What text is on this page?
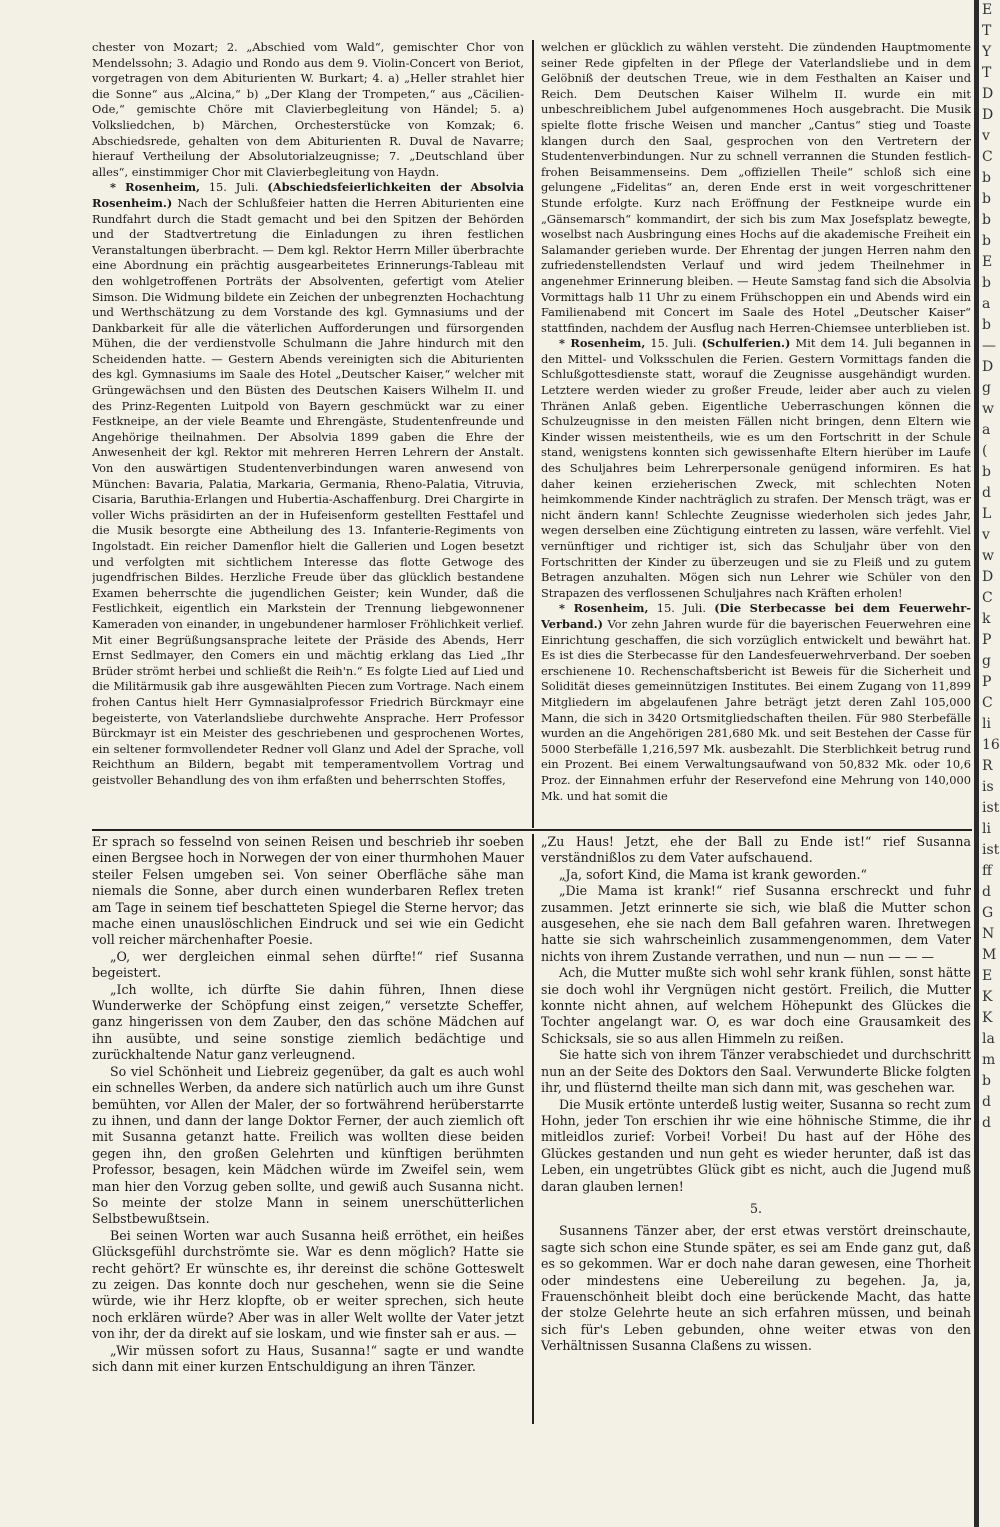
chester von Mozart; 2. „Abschied vom Wald“, gemischter Chor von Mendelssohn; 3. Adagio und Rondo aus dem 9. Violin-Concert von Beriot, vorgetragen von dem Abiturienten W. Burkart; 4. a) „Heller strahlet hier die Sonne“ aus „Alcina,“ b) „Der Klang der Trompeten,“ aus „Cäcilien-Ode,“ gemischte Chöre mit Clavierbegleitung von Händel; 5. a) Volksliedchen, b) Märchen, Orchesterstücke von Komzak; 6. Abschiedsrede, gehalten von dem Abiturienten R. Duval de Navarre; hierauf Vertheilung der Absolutorialzeugnisse; 7. „Deutschland über alles“, einstimmiger Chor mit Clavierbegleitung von Haydn.

* Rosenheim, 15. Juli. (Abschiedsfeierlichkeiten der Absolvia Rosenheim.) Nach der Schlußfeier hatten die Herren Abiturienten eine Rundfahrt durch die Stadt gemacht und bei den Spitzen der Behörden und der Stadtvertretung die Einladungen zu ihren festlichen Veranstaltungen überbracht. — Dem kgl. Rektor Herrn Miller überbrachte eine Abordnung ein prächtig ausgearbeitetes Erinnerungs-Tableau mit den wohlgetroffenen Porträts der Absolventen, gefertigt vom Atelier Simson. Die Widmung bildete ein Zeichen der unbegrenzten Hochachtung und Werthschätzung zu dem Vorstande des kgl. Gymnasiums und der Dankbarkeit für alle die väterlichen Aufforderungen und fürsorgenden Mühen, die der verdienstvolle Schulmann die Jahre hindurch mit den Scheidenden hatte. — Gestern Abends vereinigten sich die Abiturienten des kgl. Gymnasiums im Saale des Hotel „Deutscher Kaiser,“ welcher mit Grüngewächsen und den Büsten des Deutschen Kaisers Wilhelm II. und des Prinz-Regenten Luitpold von Bayern geschmückt war zu einer Festkneipe, an der viele Beamte und Ehrengäste, Studentenfreunde und Angehörige theilnahmen. Der Absolvia 1899 gaben die Ehre der Anwesenheit der kgl. Rektor mit mehreren Herren Lehrern der Anstalt. Von den auswärtigen Studentenverbindungen waren anwesend von München: Bavaria, Palatia, Markaria, Germania, Rheno-Palatia, Vitruvia, Cisaria, Baruthia-Erlangen und Hubertia-Aschaffenburg. Drei Chargirte in voller Wichs präsidirten an der in Hufeisenform gestellten Festtafel und die Musik besorgte eine Abtheilung des 13. Infanterie-Regiments von Ingolstadt. Ein reicher Damenflor hielt die Gallerien und Logen besetzt und verfolgten mit sichtlichem Interesse das flotte Getwoge des jugendfrischen Bildes. Herzliche Freude über das glücklich bestandene Examen beherrschte die jugendlichen Geister; kein Wunder, daß die Festlichkeit, eigentlich ein Markstein der Trennung liebgewonnener Kameraden von einander, in ungebundener harmloser Fröhlichkeit verlief. Mit einer Begrüßungsansprache leitete der Präside des Abends, Herr Ernst Sedlmayer, den Comers ein und mächtig erklang das Lied „Ihr Brüder strömt herbei und schließt die Reih'n.“ Es folgte Lied auf Lied und die Militärmusik gab ihre ausgewählten Piecen zum Vortrage. Nach einem frohen Cantus hielt Herr Gymnasialprofessor Friedrich Bürckmayr eine begeisterte, von Vaterlandsliebe durchwehte Ansprache. Herr Professor Bürckmayr ist ein Meister des geschriebenen und gesprochenen Wortes, ein seltener formvollendeter Redner voll Glanz und Adel der Sprache, voll Reichthum an Bildern, begabt mit temperamentvollem Vortrag und geistvoller Behandlung des von ihm erfaßten und beherrschten Stoffes,

welchen er glücklich zu wählen versteht. Die zündenden Hauptmomente seiner Rede gipfelten in der Pflege der Vaterlandsliebe und in dem Gelöbniß der deutschen Treue, wie in dem Festhalten an Kaiser und Reich. Dem Deutschen Kaiser Wilhelm II. wurde ein mit unbeschreiblichem Jubel aufgenommenes Hoch ausgebracht. Die Musik spielte flotte frische Weisen und mancher „Cantus“ stieg und Toaste klangen durch den Saal, gesprochen von den Vertretern der Studentenverbindungen. Nur zu schnell verrannen die Stunden festlich-frohen Beisammenseins. Dem „offiziellen Theile“ schloß sich eine gelungene „Fidelitas“ an, deren Ende erst in weit vorgeschrittener Stunde erfolgte. Kurz nach Eröffnung der Festkneipe wurde ein „Gänsemarsch“ kommandirt, der sich bis zum Max Josefsplatz bewegte, woselbst nach Ausbringung eines Hochs auf die akademische Freiheit ein Salamander gerieben wurde. Der Ehrentag der jungen Herren nahm den zufriedenstellendsten Verlauf und wird jedem Theilnehmer in angenehmer Erinnerung bleiben. — Heute Samstag fand sich die Absolvia Vormittags halb 11 Uhr zu einem Frühschoppen ein und Abends wird ein Familienabend mit Concert im Saale des Hotel „Deutscher Kaiser“ stattfinden, nachdem der Ausflug nach Herren-Chiemsee unterblieben ist.

* Rosenheim, 15. Juli. (Schulferien.) Mit dem 14. Juli begannen in den Mittel- und Volksschulen die Ferien. Gestern Vormittags fanden die Schlußgottesdienste statt, worauf die Zeugnisse ausgehändigt wurden. Letztere werden wieder zu großer Freude, leider aber auch zu vielen Thränen Anlaß geben. Eigentliche Ueberraschungen können die Schulzeugnisse in den meisten Fällen nicht bringen, denn Eltern wie Kinder wissen meistentheils, wie es um den Fortschritt in der Schule stand, wenigstens konnten sich gewissenhafte Eltern hierüber im Laufe des Schuljahres beim Lehrerpersonale genügend informiren. Es hat daher keinen erzieherischen Zweck, mit schlechten Noten heimkommende Kinder nachträglich zu strafen. Der Mensch trägt, was er nicht ändern kann! Schlechte Zeugnisse wiederholen sich jedes Jahr, wegen derselben eine Züchtigung eintreten zu lassen, wäre verfehlt. Viel vernünftiger und richtiger ist, sich das Schuljahr über von den Fortschritten der Kinder zu überzeugen und sie zu Fleiß und zu gutem Betragen anzuhalten. Mögen sich nun Lehrer wie Schüler von den Strapazen des verflossenen Schuljahres nach Kräften erholen!

* Rosenheim, 15. Juli. (Die Sterbecasse bei dem Feuerwehr-Verband.) Vor zehn Jahren wurde für die bayerischen Feuerwehren eine Einrichtung geschaffen, die sich vorzüglich entwickelt und bewährt hat. Es ist dies die Sterbecasse für den Landesfeuerwehrverband. Der soeben erschienene 10. Rechenschaftsbericht ist Beweis für die Sicherheit und Solidität dieses gemeinnützigen Institutes. Bei einem Zugang von 11,899 Mitgliedern im abgelaufenen Jahre beträgt jetzt deren Zahl 105,000 Mann, die sich in 3420 Ortsmitgliedschaften theilen. Für 980 Sterbefälle wurden an die Angehörigen 281,680 Mk. und seit Bestehen der Casse für 5000 Sterbefälle 1,216,597 Mk. ausbezahlt. Die Sterblichkeit betrug rund ein Prozent. Bei einem Verwaltungsaufwand von 50,832 Mk. oder 10,6 Proz. der Einnahmen erfuhr der Reservefond eine Mehrung von 140,000 Mk. und hat somit die

Er sprach so fesselnd von seinen Reisen und beschrieb ihr soeben einen Bergsee hoch in Norwegen der von einer thurmhohen Mauer steiler Felsen umgeben sei. Von seiner Oberfläche sähe man niemals die Sonne, aber durch einen wunderbaren Reflex treten am Tage in seinem tief beschatteten Spiegel die Sterne hervor; das mache einen unauslöschlichen Eindruck und sei wie ein Gedicht voll reicher märchenhafter Poesie.

„O, wer dergleichen einmal sehen dürfte!“ rief Susanna begeistert.

„Ich wollte, ich dürfte Sie dahin führen, Ihnen diese Wunderwerke der Schöpfung einst zeigen,“ versetzte Scheffer, ganz hingerissen von dem Zauber, den das schöne Mädchen auf ihn ausübte, und seine sonstige ziemlich bedächtige und zurückhaltende Natur ganz verleugnend.

So viel Schönheit und Liebreiz gegenüber, da galt es auch wohl ein schnelles Werben, da andere sich natürlich auch um ihre Gunst bemühten, vor Allen der Maler, der so fortwährend herüberstarrte zu ihnen, und dann der lange Doktor Ferner, der auch ziemlich oft mit Susanna getanzt hatte. Freilich was wollten diese beiden gegen ihn, den großen Gelehrten und künftigen berühmten Professor, besagen, kein Mädchen würde im Zweifel sein, wem man hier den Vorzug geben sollte, und gewiß auch Susanna nicht. So meinte der stolze Mann in seinem unerschütterlichen Selbstbewußtsein.

Bei seinen Worten war auch Susanna heiß erröthet, ein heißes Glücksgefühl durchströmte sie. War es denn möglich? Hatte sie recht gehört? Er wünschte es, ihr dereinst die schöne Gotteswelt zu zeigen. Das konnte doch nur geschehen, wenn sie die Seine würde, wie ihr Herz klopfte, ob er weiter sprechen, sich heute noch erklären würde? Aber was in aller Welt wollte der Vater jetzt von ihr, der da direkt auf sie loskam, und wie finster sah er aus. —

„Wir müssen sofort zu Haus, Susanna!“ sagte er und wandte sich dann mit einer kurzen Entschuldigung an ihren Tänzer.

„Zu Haus! Jetzt, ehe der Ball zu Ende ist!“ rief Susanna verständnißlos zu dem Vater aufschauend.

„Ja, sofort Kind, die Mama ist krank geworden.“

„Die Mama ist krank!“ rief Susanna erschreckt und fuhr zusammen. Jetzt erinnerte sie sich, wie blaß die Mutter schon ausgesehen, ehe sie nach dem Ball gefahren waren. Ihretwegen hatte sie sich wahrscheinlich zusammengenommen, dem Vater nichts von ihrem Zustande verrathen, und nun — nun — — —

Ach, die Mutter mußte sich wohl sehr krank fühlen, sonst hätte sie doch wohl ihr Vergnügen nicht gestört. Freilich, die Mutter konnte nicht ahnen, auf welchem Höhepunkt des Glückes die Tochter angelangt war. O, es war doch eine Grausamkeit des Schicksals, sie so aus allen Himmeln zu reißen.

Sie hatte sich von ihrem Tänzer verabschiedet und durchschritt nun an der Seite des Doktors den Saal. Verwunderte Blicke folgten ihr, und flüsternd theilte man sich dann mit, was geschehen war.

Die Musik ertönte unterdeß lustig weiter, Susanna so recht zum Hohn, jeder Ton erschien ihr wie eine höhnische Stimme, die ihr mitleidlos zurief: Vorbei! Vorbei! Du hast auf der Höhe des Glückes gestanden und nun geht es wieder herunter, daß ist das Leben, ein ungetrübtes Glück gibt es nicht, auch die Jugend muß daran glauben lernen!

5.

Susannens Tänzer aber, der erst etwas verstört dreinschaute, sagte sich schon eine Stunde später, es sei am Ende ganz gut, daß es so gekommen. War er doch nahe daran gewesen, eine Thorheit oder mindestens eine Uebereilung zu begehen. Ja, ja, Frauenschönheit bleibt doch eine berückende Macht, das hatte der stolze Gelehrte heute an sich erfahren müssen, und beinah sich für's Leben gebunden, ohne weiter etwas von den Verhältnissen Susanna Claßens zu wissen.

E
T
Y
T
D
D
v
C
b
b
b
b
E
b
a
b
—
D
g
w
a
(
b
d
L
v
w
D
C
k
P
g
P
C
li
16
R
is
ist
li
ist
ff
d
G
N
M
E
K
K
la
m
b
d
d
